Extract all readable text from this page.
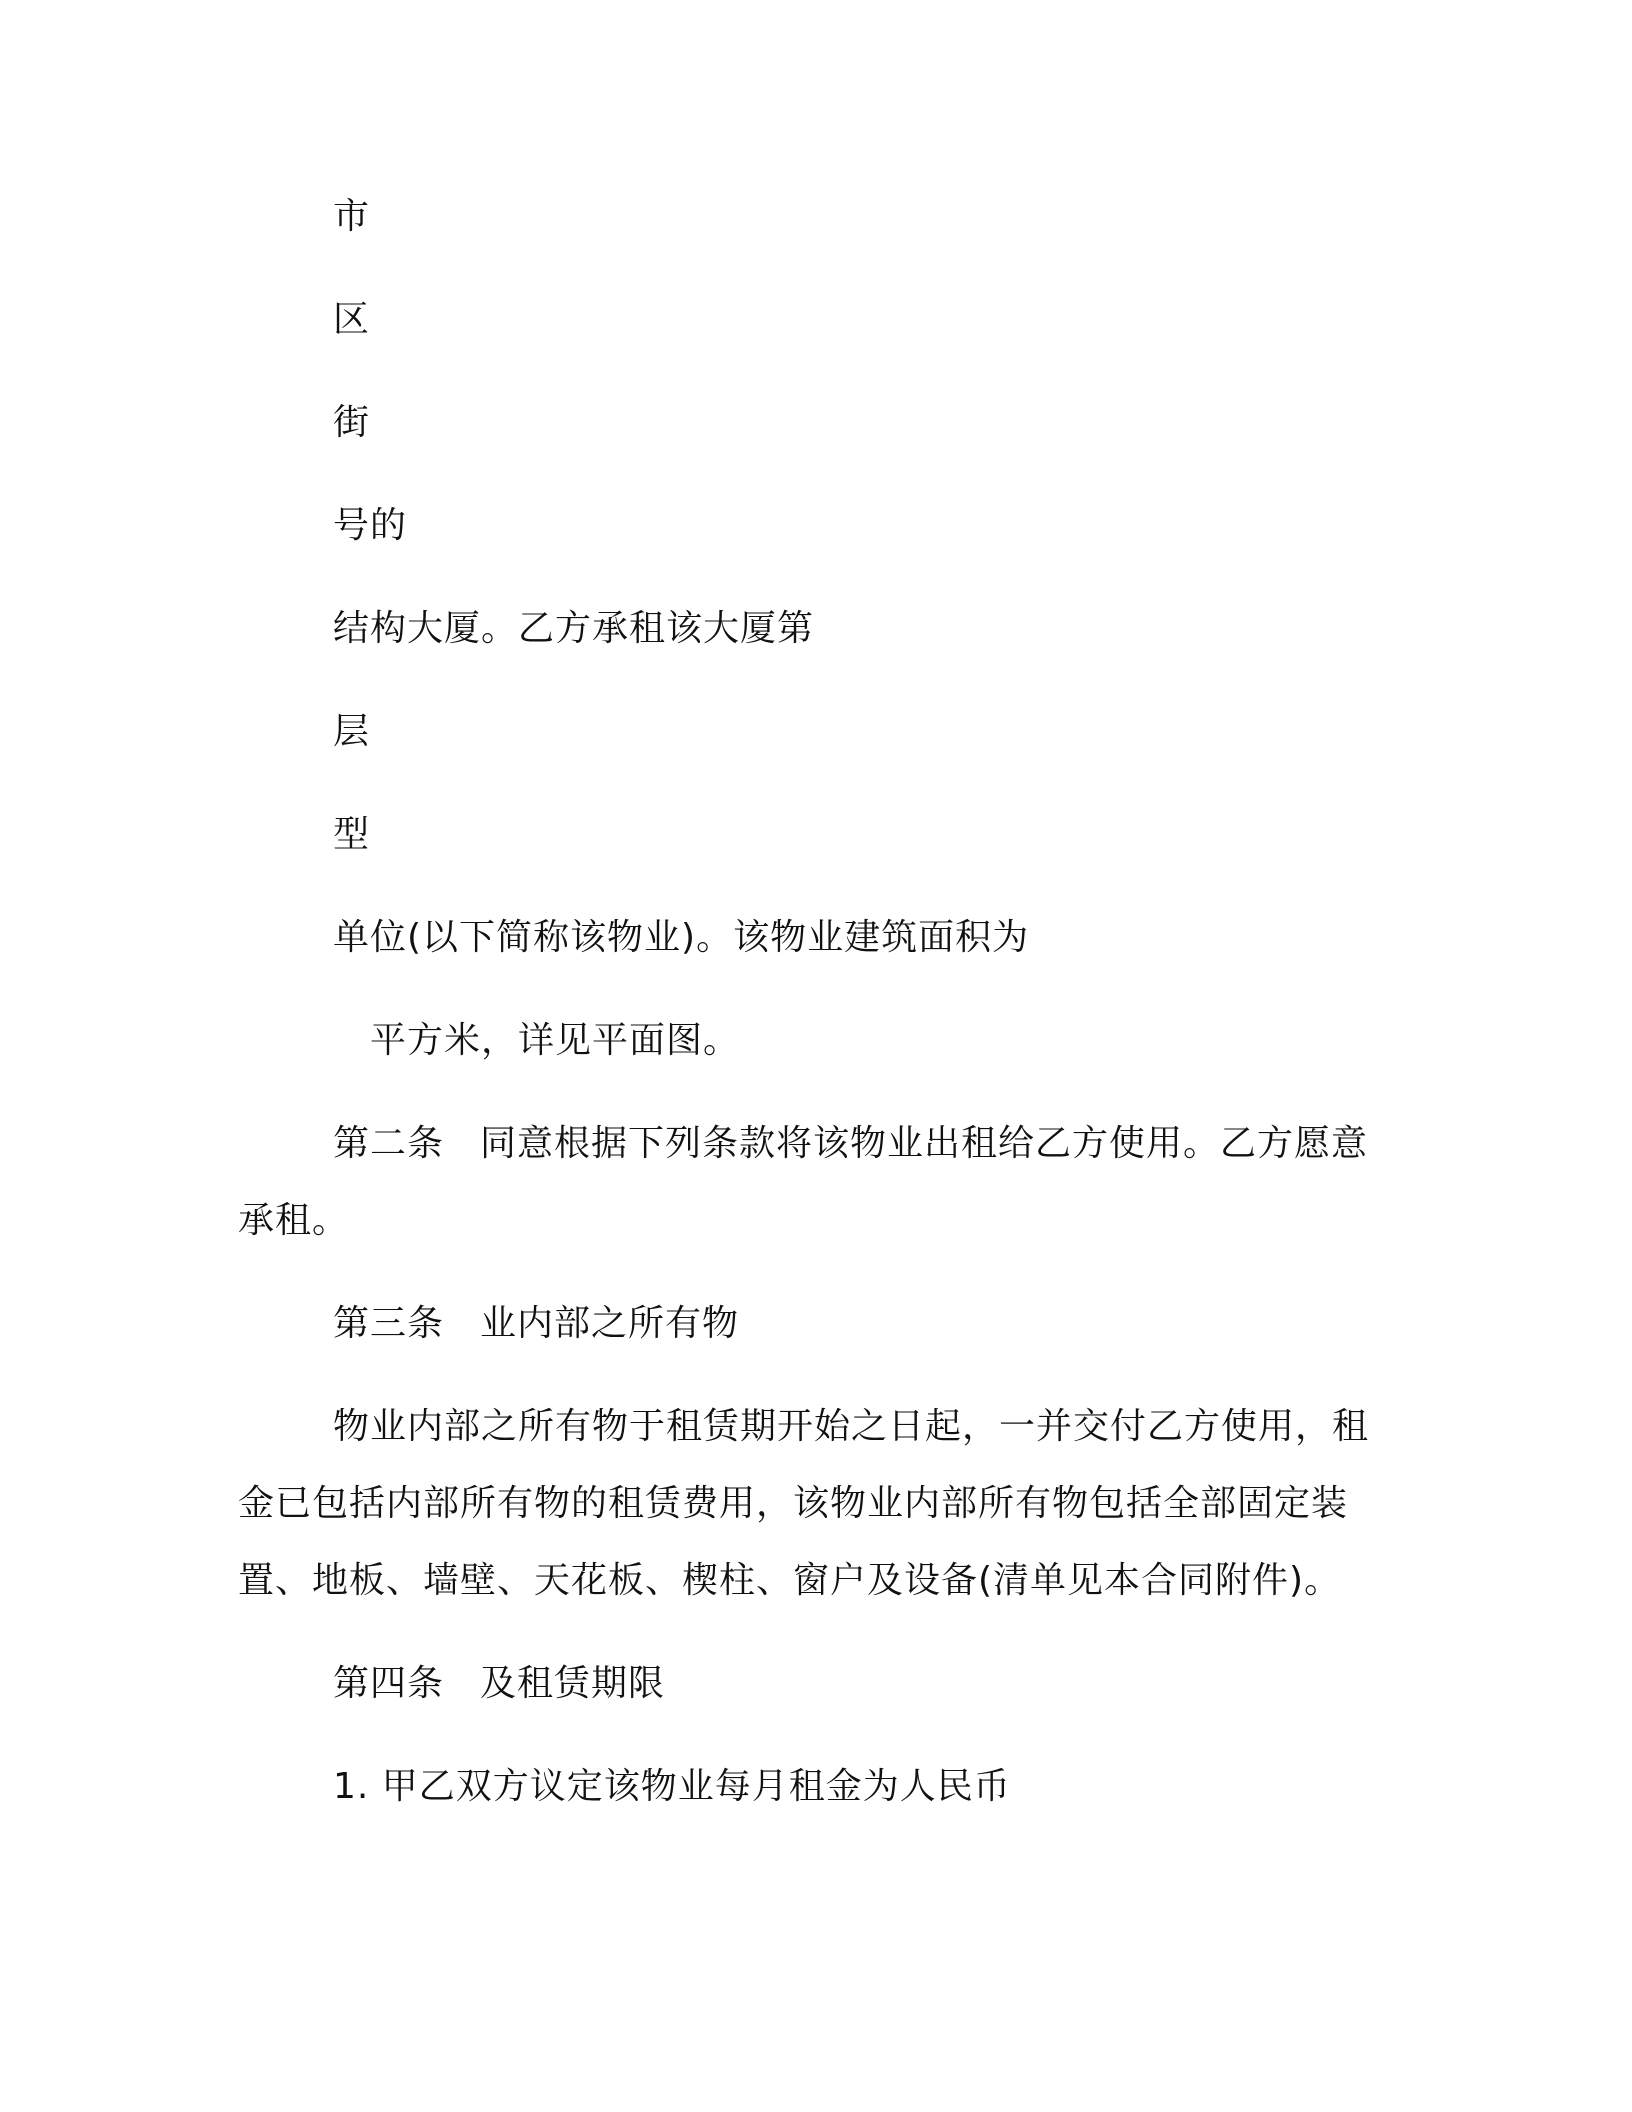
市
区
街
号的
结构大厦。乙方承租该大厦第
层
型
单位(以下简称该物业)。该物业建筑面积为
平方米，详见平面图。
第二条 同意根据下列条款将该物业出租给乙方使用。乙方愿意
承租。
第三条 业内部之所有物
物业内部之所有物于租赁期开始之日起，一并交付乙方使用，租
金已包括内部所有物的租赁费用，该物业内部所有物包括全部固定装
置、地板、墙壁、天花板、楔柱、窗户及设备(清单见本合同附件)。
第四条 及租赁期限
1. 甲乙双方议定该物业每月租金为人民币
